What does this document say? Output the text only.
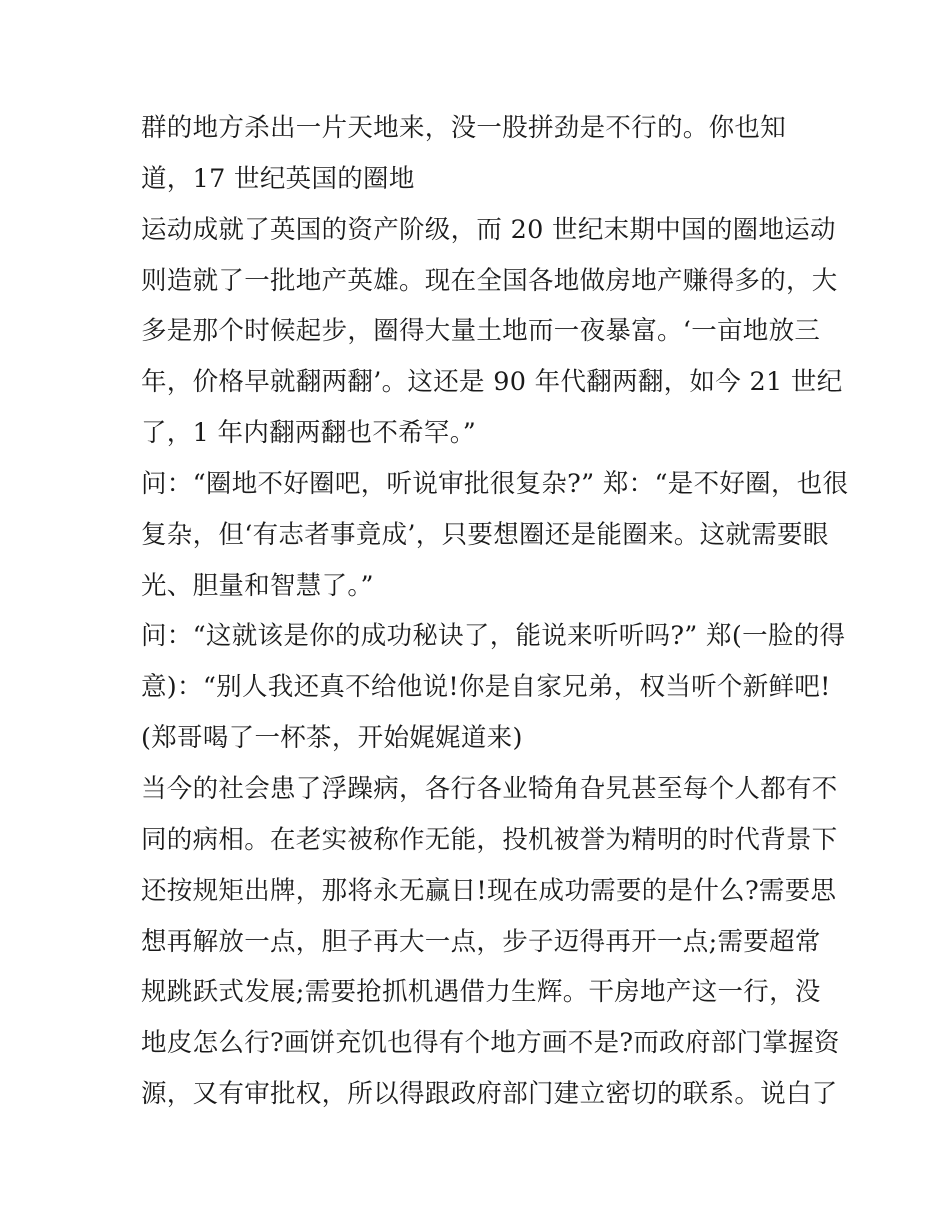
群的地方杀出一片天地来，没一股拼劲是不行的。你也知
道，17 世纪英国的圈地
运动成就了英国的资产阶级，而 20 世纪末期中国的圈地运动
则造就了一批地产英雄。现在全国各地做房地产赚得多的，大
多是那个时候起步，圈得大量土地而一夜暴富。‘一亩地放三
年，价格早就翻两翻’。这还是 90 年代翻两翻，如今 21 世纪
了，1 年内翻两翻也不希罕。”
问：“圈地不好圈吧，听说审批很复杂?” 郑：“是不好圈，也很
复杂，但‘有志者事竟成’，只要想圈还是能圈来。这就需要眼
光、胆量和智慧了。”
问：“这就该是你的成功秘诀了，能说来听听吗?” 郑(一脸的得
意)：“别人我还真不给他说!你是自家兄弟，权当听个新鲜吧!
(郑哥喝了一杯茶，开始娓娓道来)
当今的社会患了浮躁病，各行各业犄角旮旯甚至每个人都有不
同的病相。在老实被称作无能，投机被誉为精明的时代背景下
还按规矩出牌，那将永无赢日!现在成功需要的是什么?需要思
想再解放一点，胆子再大一点，步子迈得再开一点;需要超常
规跳跃式发展;需要抢抓机遇借力生辉。干房地产这一行，没
地皮怎么行?画饼充饥也得有个地方画不是?而政府部门掌握资
源，又有审批权，所以得跟政府部门建立密切的联系。说白了
